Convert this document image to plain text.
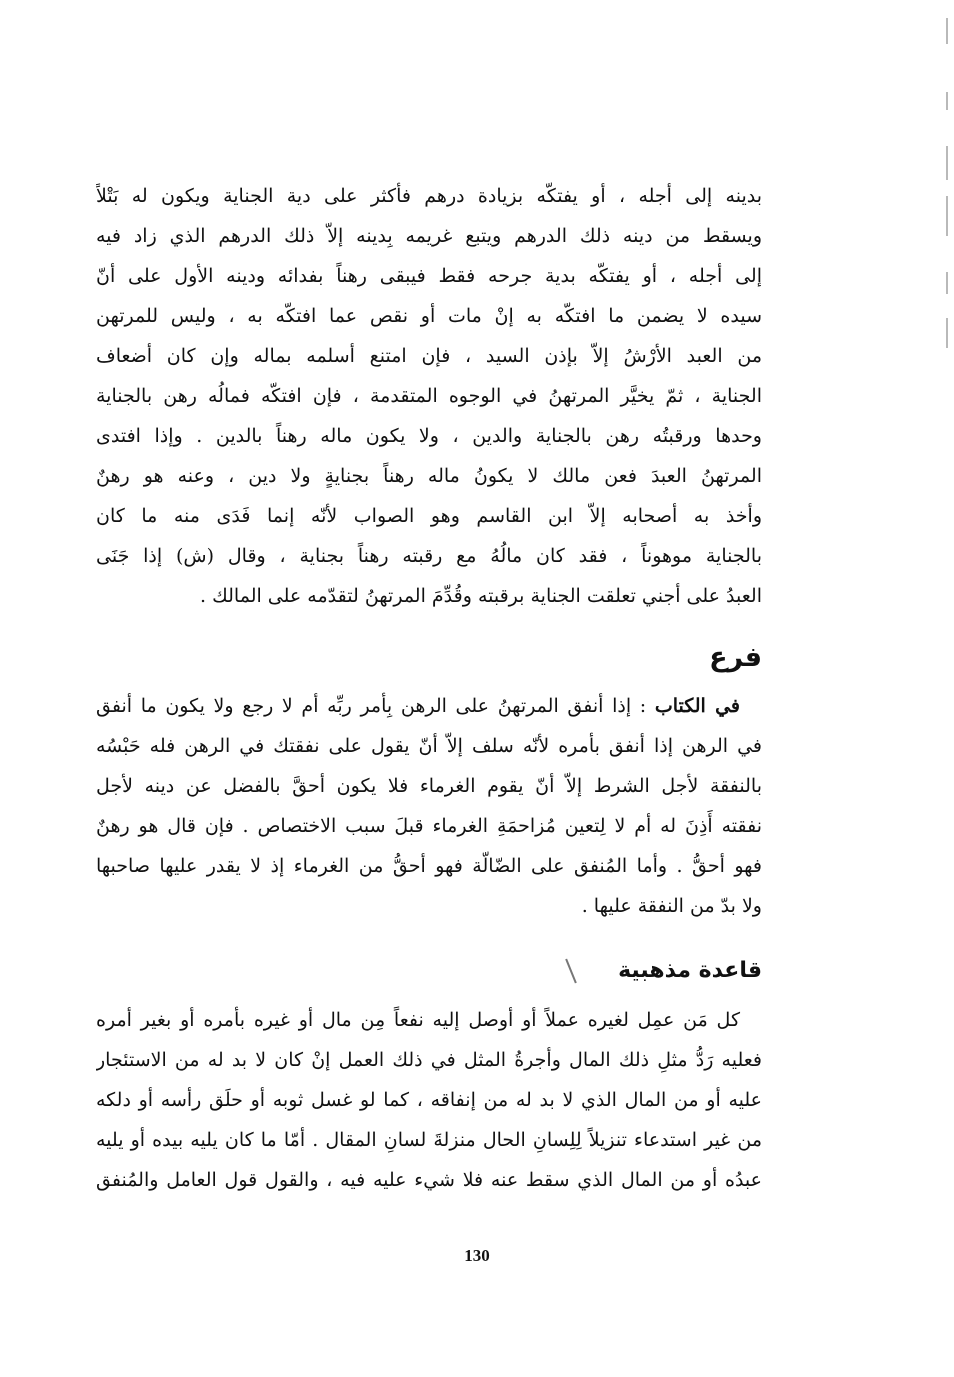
بدينه إلى أجله ، أو يفتكّه بزيادة درهم فأكثر على دية الجناية ويكون له بَتْلاً
ويسقط من دينه ذلك الدرهم ويتبع غريمه بِدينه إلاّ ذلك الدرهم الذي زاد فيه
إلى أجله ، أو يفتكّه بدية جرحه فقط فيبقى رهناً بفدائه ودينه الأول على أنّ
سيده لا يضمن ما افتكّه به إنْ مات أو نقص عما افتكّه به ، وليس للمرتهن
من العبد الأرْشُ إلاّ بإذن السيد ، فإن امتنع أسلمه بماله وإن كان أضعاف
الجناية ، ثمّ يخيَّر المرتهنُ في الوجوه المتقدمة ، فإن افتكّه فمالُه رهن بالجناية
وحدها ورقبتُه رهن بالجناية والدين ، ولا يكون ماله رهناً بالدين . وإذا افتدى
المرتهنُ العبدَ فعن مالك لا يكونُ ماله رهناً بجنايةٍ ولا دين ، وعنه هو رهنٌ
وأخذ به أصحابه إلاّ ابن القاسم وهو الصواب لأنّه إنما فَدَى منه ما كان
بالجناية موهوناً ، فقد كان مالُهُ مع رقبته رهناً بجناية ، وقال (ش) إذا جَنَى
العبدُ على أجني تعلقت الجناية برقبته وقُدِّمَ المرتهنُ لتقدّمه على المالك .
فرع
في الكتاب : إذا أنفق المرتهنُ على الرهن بِأمر ربِّه أم لا رجع ولا يكون ما أنفق
في الرهن إذا أنفق بأمره لأنّه سلف إلاّ أنّ يقول على نفقتك في الرهن فله حَبْسُه
بالنفقة لأجل الشرط إلاّ أنّ يقوم الغرماء فلا يكون أحقَّ بالفضل عن دينه لأجل
نفقته أَذِنَ له أم لا لِتعين مُزاحمَةِ الغرماء قبلَ سبب الاختصاص . فإن قال هو رهنٌ
فهو أحقُّ . وأما المُنفق على الضّالّة فهو أحقُّ من الغرماء إذ لا يقدر عليها صاحبها
ولا بدّ من النفقة عليها .
قاعدة مذهبية
كل مَن عمِل لغيره عملاً أو أوصل إليه نفعاً مِن مال أو غيره بأمره أو بغير أمره
فعليه رَدُّ مثلِ ذلك المال وأجرةُ المثل في ذلك العمل إنْ كان لا بد له من الاستئجار
عليه أو من المال الذي لا بد له من إنفاقه ، كما لو غسل ثوبه أو حلَق رأسه أو دلكه
من غير استدعاء تنزيلاً لِلِسانِ الحال منزلةَ لسانِ المقال . أمّا ما كان يليه بيده أو يليه
عبدُه أو من المال الذي سقط عنه فلا شيء عليه فيه ، والقول قول العامل والمُنفق
130
